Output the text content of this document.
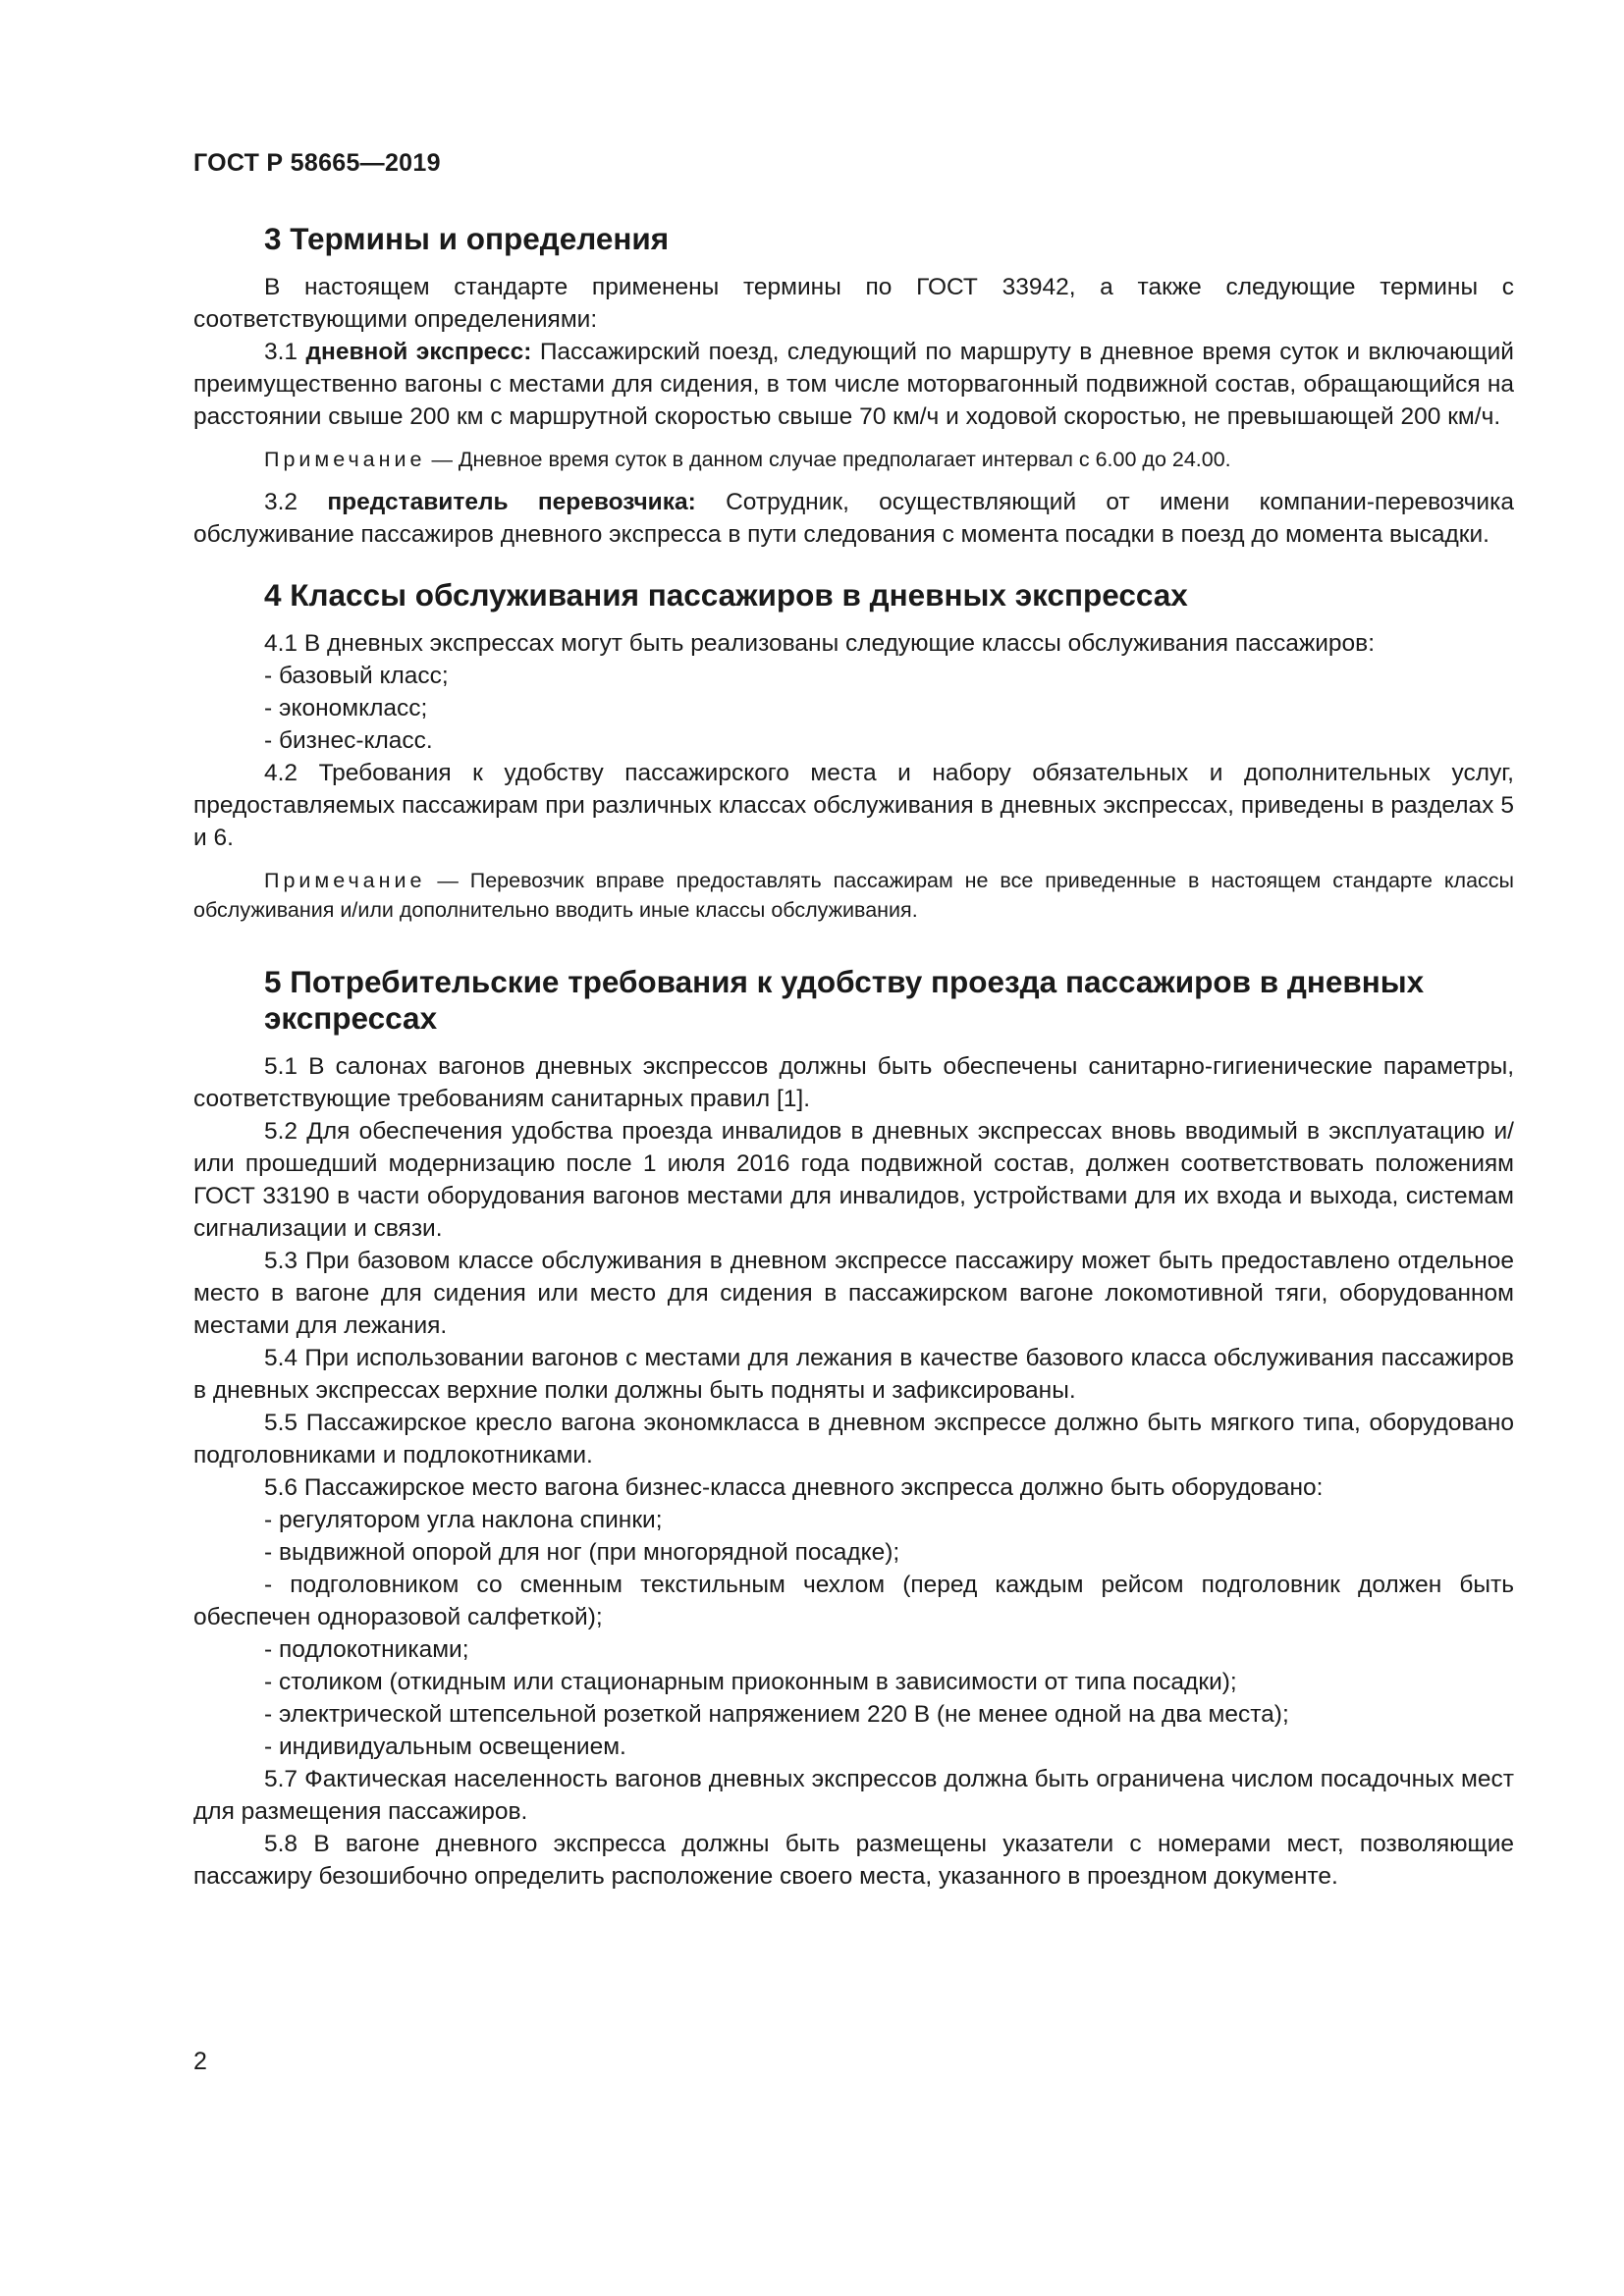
ГОСТ Р 58665—2019
3 Термины и определения

В настоящем стандарте применены термины по ГОСТ 33942, а также следующие термины с соответствующими определениями:

3.1 дневной экспресс: Пассажирский поезд, следующий по маршруту в дневное время суток и включающий преимущественно вагоны с местами для сидения, в том числе моторвагонный подвижной состав, обращающийся на расстоянии свыше 200 км с маршрутной скоростью свыше 70 км/ч и ходовой скоростью, не превышающей 200 км/ч.

Примечание — Дневное время суток в данном случае предполагает интервал с 6.00 до 24.00.

3.2 представитель перевозчика: Сотрудник, осуществляющий от имени компании-перевозчика обслуживание пассажиров дневного экспресса в пути следования с момента посадки в поезд до момента высадки.

4 Классы обслуживания пассажиров в дневных экспрессах

4.1 В дневных экспрессах могут быть реализованы следующие классы обслуживания пассажиров:

- базовый класс;

- экономкласс;

- бизнес-класс.

4.2 Требования к удобству пассажирского места и набору обязательных и дополнительных услуг, предоставляемых пассажирам при различных классах обслуживания в дневных экспрессах, приведены в разделах 5 и 6.

Примечание — Перевозчик вправе предоставлять пассажирам не все приведенные в настоящем стандарте классы обслуживания и/или дополнительно вводить иные классы обслуживания.

5 Потребительские требования к удобству проезда пассажиров в дневных экспрессах

5.1 В салонах вагонов дневных экспрессов должны быть обеспечены санитарно-гигиенические параметры, соответствующие требованиям санитарных правил [1].

5.2 Для обеспечения удобства проезда инвалидов в дневных экспрессах вновь вводимый в эксплуатацию и/или прошедший модернизацию после 1 июля 2016 года подвижной состав, должен соответствовать положениям ГОСТ 33190 в части оборудования вагонов местами для инвалидов, устройствами для их входа и выхода, системам сигнализации и связи.

5.3 При базовом классе обслуживания в дневном экспрессе пассажиру может быть предоставлено отдельное место в вагоне для сидения или место для сидения в пассажирском вагоне локомотивной тяги, оборудованном местами для лежания.

5.4 При использовании вагонов с местами для лежания в качестве базового класса обслуживания пассажиров в дневных экспрессах верхние полки должны быть подняты и зафиксированы.

5.5 Пассажирское кресло вагона экономкласса в дневном экспрессе должно быть мягкого типа, оборудовано подголовниками и подлокотниками.

5.6 Пассажирское место вагона бизнес-класса дневного экспресса должно быть оборудовано:

- регулятором угла наклона спинки;

- выдвижной опорой для ног (при многорядной посадке);

- подголовником со сменным текстильным чехлом (перед каждым рейсом подголовник должен быть обеспечен одноразовой салфеткой);

- подлокотниками;

- столиком (откидным или стационарным приоконным в зависимости от типа посадки);

- электрической штепсельной розеткой напряжением 220 В (не менее одной на два места);

- индивидуальным освещением.

5.7 Фактическая населенность вагонов дневных экспрессов должна быть ограничена числом посадочных мест для размещения пассажиров.

5.8 В вагоне дневного экспресса должны быть размещены указатели с номерами мест, позволяющие пассажиру безошибочно определить расположение своего места, указанного в проездном документе.

2
